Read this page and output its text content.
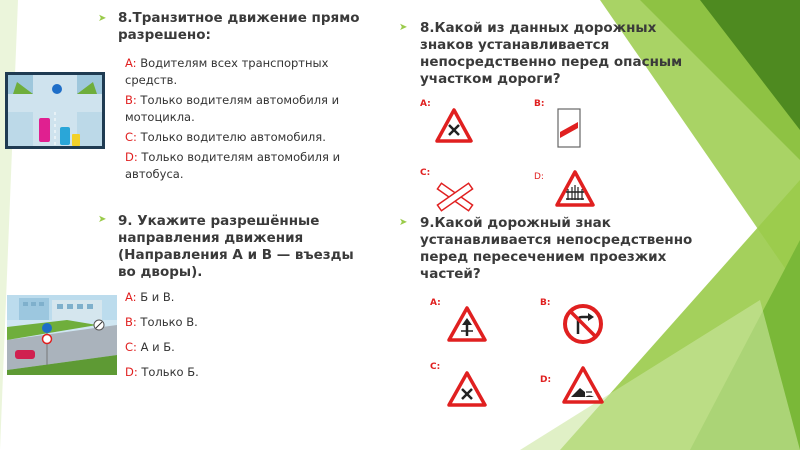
➤ 8.Транзитное движение прямо разрешено:
A: Водителям всех транспортных средств.
B: Только водителям автомобиля и мотоцикла.
C: Только водителю автомобиля.
D: Только водителям автомобиля и автобуса.
➤ 9. Укажите разрешённые направления движения (Направления А и В — въезды во дворы).
A: Б и В.
B: Только В.
C: А и Б.
D: Только Б.
➤ 8.Какой из данных дорожных знаков устанавливается непосредственно перед опасным участком дороги?
A:	B:
C:	D:
➤ 9.Какой дорожный знак устанавливается непосредственно перед пересечением проезжих частей?
A:	B:
C:
D:
